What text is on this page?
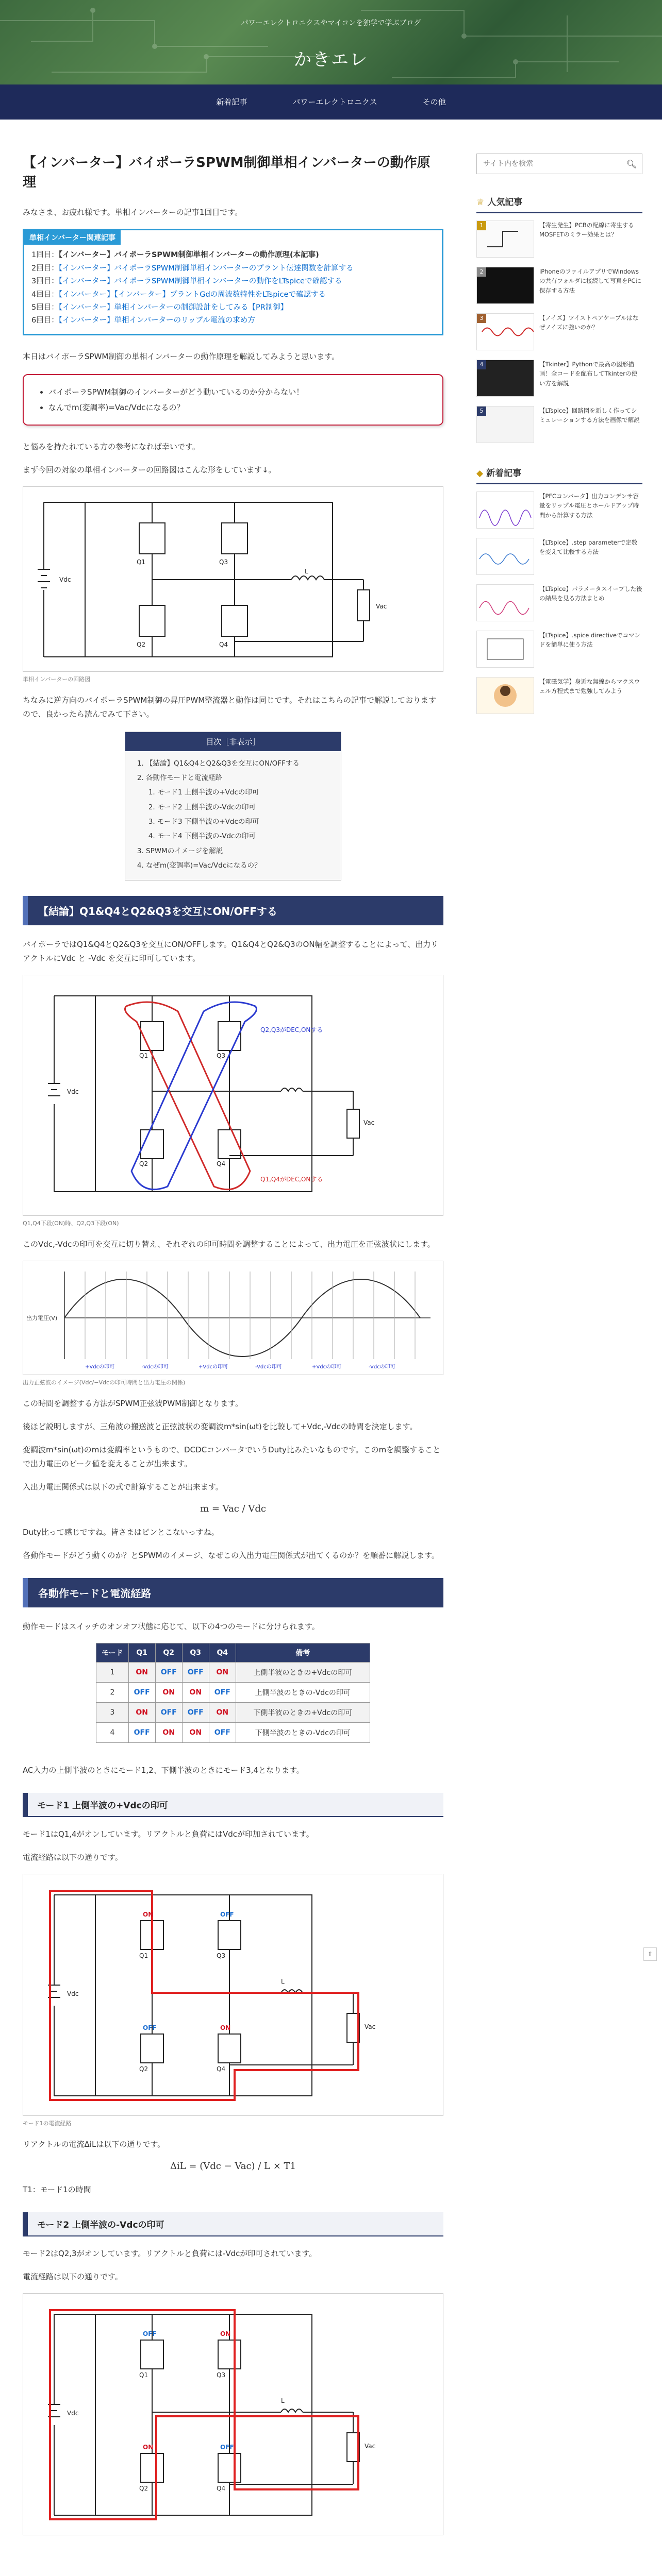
パワーエレクトロニクスやマイコンを独学で学ぶブログ
かきエレ
新着記事	パワーエレクトロニクス	その他
【インバーター】バイポーラSPWM制御単相インバーターの動作原理

みなさま、お疲れ様です。単相インバーターの記事1回目です。

単相インバーター関連記事
1回目：【インバーター】バイポーラSPWM制御単相インバーターの動作原理(本記事)
2回目：【インバーター】バイポーラSPWM制御単相インバーターのプラント伝達関数を計算する
3回目：【インバーター】バイポーラSPWM制御単相インバーターの動作をLTspiceで確認する
4回目：【インバーター】【インバーター】プラントGdの周波数特性をLTspiceで確認する
5回目：【インバーター】単相インバーターの制御設計をしてみる【PR制御】
6回目：【インバーター】単相インバーターのリップル電流の求め方

本日はバイポーラSPWM制御の単相インバーターの動作原理を解説してみようと思います。

• バイポーラSPWM制御のインバーターがどう動いているのか分からない！
• なんでm(変調率)=Vac/Vdcになるの？

と悩みを持たれている方の参考になれば幸いです。

まず今回の対象の単相インバーターの回路図はこんな形をしています↓。

Vdc
Q1
Q2
Q3
Q4
L
Vac
単相インバーターの回路図

ちなみに逆方向のバイポーラSPWM制御の昇圧PWM整流器と動作は同じです。それはこちらの記事で解説しておりますので、良かったら読んでみて下さい。

目次［非表示］
1. 【結論】Q1&Q4とQ2&Q3を交互にON/OFFする
2. 各動作モードと電流経路
1. モード1 上側半波の+Vdcの印可
2. モード2 上側半波の-Vdcの印可
3. モード3 下側半波の+Vdcの印可
4. モード4 下側半波の-Vdcの印可
3. SPWMのイメージを解説
4. なぜm(変調率)=Vac/Vdcになるの？
【結論】Q1&Q4とQ2&Q3を交互にON/OFFする

バイポーラではQ1&Q4とQ2&Q3を交互にON/OFFします。Q1&Q4とQ2&Q3のON幅を調整することによって、出力リアクトルにVdc と -Vdc を交互に印可しています。

Q2,Q3がDEC,ONする
Q1,Q4がDEC,ONする
Vdc
Vac
Q1
Q2
Q3
Q4
Q1,Q4下段(ON)時、Q2,Q3下段(ON)

このVdc,-Vdcの印可を交互に切り替え、それぞれの印可時間を調整することによって、出力電圧を正弦波状にします。

出力電圧(V)
+Vdcの印可	-Vdcの印可	+Vdcの印可	-Vdcの印可	+Vdcの印可	-Vdcの印可
出力正弦波のイメージ(Vdc/−Vdcの印可時間と出力電圧の関係)

この時間を調整する方法がSPWM正弦波PWM制御となります。

後ほど説明しますが、三角波の搬送波と正弦波状の変調波m*sin(ωt)を比較して+Vdc,-Vdcの時間を決定します。

変調波m*sin(ωt)のmは変調率というもので、DCDCコンバータでいうDuty比みたいなものです。このmを調整することで出力電圧のピーク値を変えることが出来ます。

入出力電圧関係式は以下の式で計算することが出来ます。

m = Vac / Vdc

Duty比って感じですね。皆さまはピンとこないっすね。

各動作モードがどう動くのか？とSPWMのイメージ、なぜこの入出力電圧関係式が出てくるのか？を順番に解説します。

各動作モードと電流経路

動作モードはスイッチのオンオフ状態に応じて、以下の4つのモードに分けられます。

モード	Q1	Q2	Q3	Q4	備考
1	ON	OFF	OFF	ON	上側半波のときの+Vdcの印可
2	OFF	ON	ON	OFF	上側半波のときの-Vdcの印可
3	ON	OFF	OFF	ON	下側半波のときの+Vdcの印可
4	OFF	ON	ON	OFF	下側半波のときの-Vdcの印可

AC入力の上側半波のときにモード1,2、下側半波のときにモード3,4となります。

モード1 上側半波の+Vdcの印可

モード1はQ1,4がオンしています。リアクトルと負荷にはVdcが印加されています。

電流経路は以下の通りです。

ON	OFF
OFF	ON
Vdc
Vac
L
Q1
Q2
Q3
Q4
モード1の電流経路

リアクトルの電流ΔiLは以下の通りです。

ΔiL = (Vdc − Vac) / L × T1

T1：モード1の時間

モード2 上側半波の-Vdcの印可

モード2はQ2,3がオンしています。リアクトルと負荷には-Vdcが印可されています。

電流経路は以下の通りです。

OFF	ON
ON	OFF
Vdc
Vac
L
Q1
Q2
Q3
Q4
サイト内を検索
🔍︎
♕ 人気記事
1	【寄生発生】PCBの配線に寄生するMOSFETのミラー効果とは？
2	iPhoneのファイルアプリでWindowsの共有フォルダに接続して写真をPCに保存する方法
3	【ノイズ】ツイストペアケーブルはなぜノイズに強いのか？
4	【Tkinter】Pythonで最高の図形描画！全コードを配布してTkinterの使い方を解説
5	【LTspice】回路図を新しく作ってシミュレーションする方法を画像で解説
◆ 新着記事
【PFCコンバータ】出力コンデンサ容量をリップル電圧とホールドアップ時間から計算する方法
【LTspice】.step parameterで定数を変えて比較する方法
【LTspice】パラメータスイープした後の結果を見る方法まとめ
【LTspice】.spice directiveでコマンドを簡単に使う方法
【電磁気学】身近な無線からマクスウェル方程式まで勉強してみよう
⇧
